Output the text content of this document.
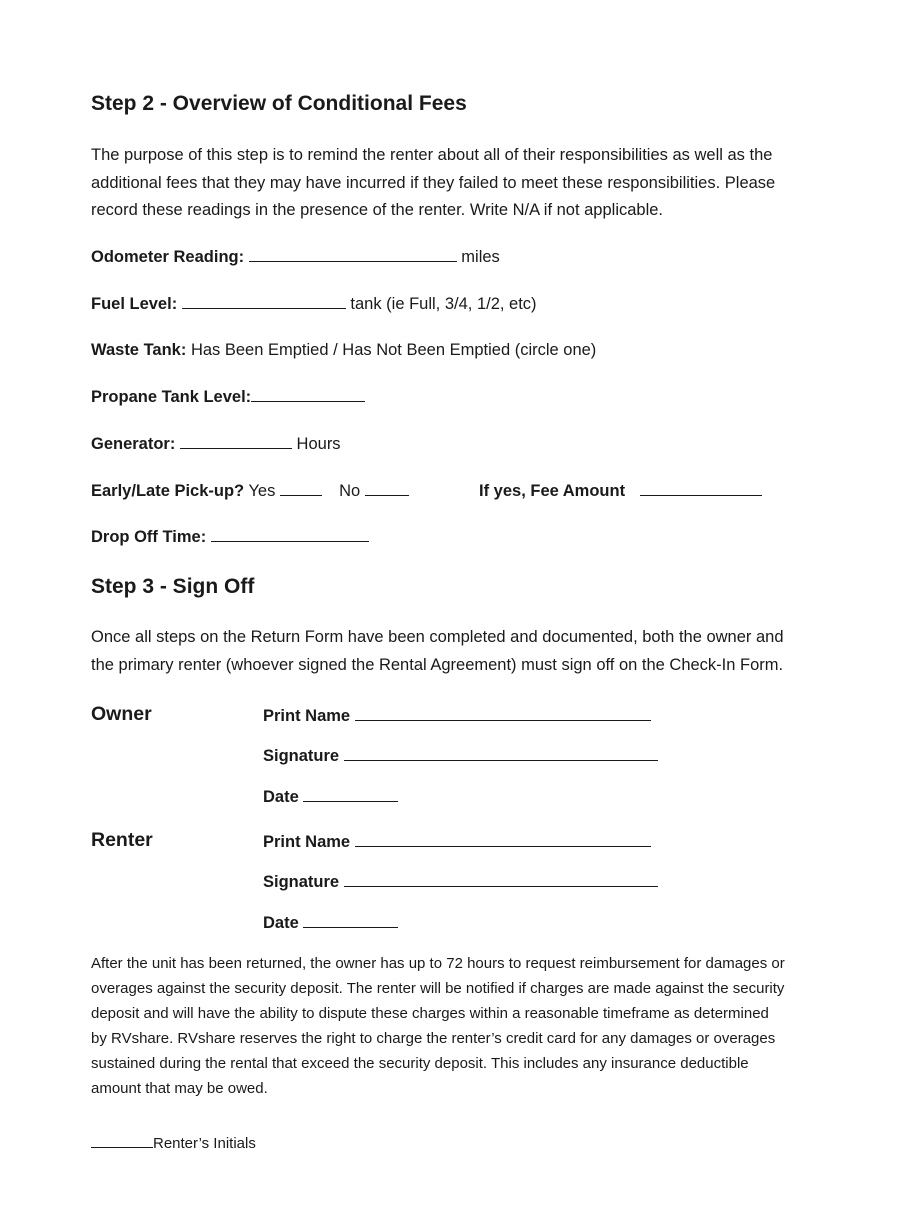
Step 2 - Overview of Conditional Fees
The purpose of this step is to remind the renter about all of their responsibilities as well as the
additional fees that they may have incurred if they failed to meet these responsibilities. Please
record these readings in the presence of the renter. Write N/A if not applicable.
Odometer Reading:	miles
Fuel Level:	tank (ie Full, 3/4, 1/2, etc)
Waste Tank: Has Been Emptied / Has Not Been Emptied (circle one)
Propane Tank Level:
Generator:	Hours
Early/Late Pick-up? Yes	No	If yes, Fee Amount
Drop Off Time:
Step 3 - Sign Off
Once all steps on the Return Form have been completed and documented, both the owner and
the primary renter (whoever signed the Rental Agreement) must sign off on the Check-In Form.
Owner	Print Name
Signature
Date
Renter	Print Name
Signature
Date
After the unit has been returned, the owner has up to 72 hours to request reimbursement for damages or
overages against the security deposit. The renter will be notified if charges are made against the security
deposit and will have the ability to dispute these charges within a reasonable timeframe as determined
by RVshare. RVshare reserves the right to charge the renter’s credit card for any damages or overages
sustained during the rental that exceed the security deposit. This includes any insurance deductible
amount that may be owed.
Renter’s Initials
